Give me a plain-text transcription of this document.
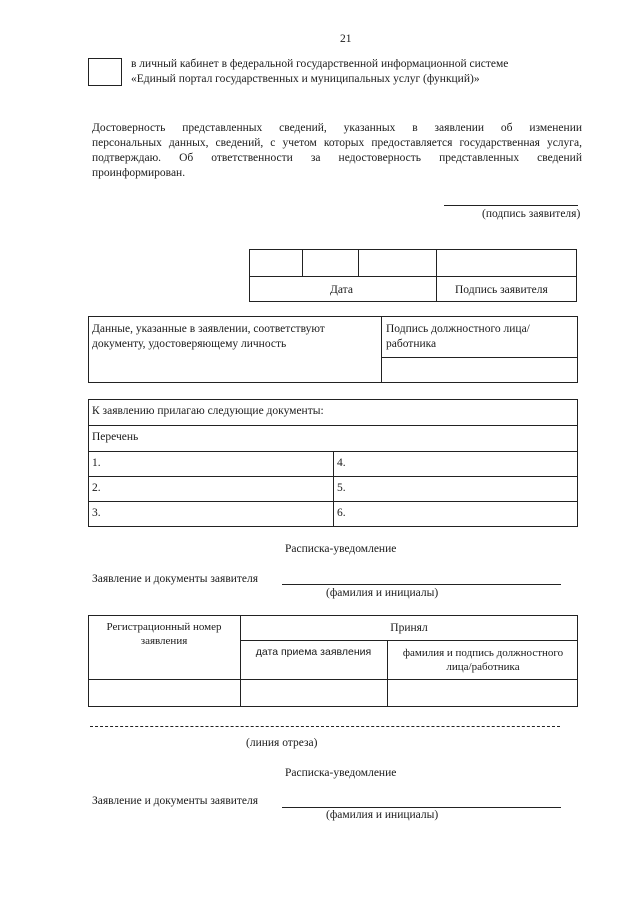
21
в личный кабинет в федеральной государственной информационной системе
«Единый портал государственных и муниципальных услуг (функций)»
Достоверность представленных сведений, указанных в заявлении об изменении
персональных данных, сведений, с учетом которых предоставляется государственная услуга,
подтверждаю. Об ответственности за недостоверность представленных сведений
проинформирован.
(подпись заявителя)
Дата	Подпись заявителя
Данные, указанные в заявлении, соответствуют документу, удостоверяющему личность
Подпись должностного лица/работника
К заявлению прилагаю следующие документы:
Перечень
1.
2.
3.
4.
5.
6.
Расписка-уведомление
Заявление и документы заявителя
(фамилия и инициалы)
Регистрационный номер заявления
Принял
дата приема заявления	фамилия и подпись должностного лица/работника
(линия отреза)
Расписка-уведомление
Заявление и документы заявителя
(фамилия и инициалы)
